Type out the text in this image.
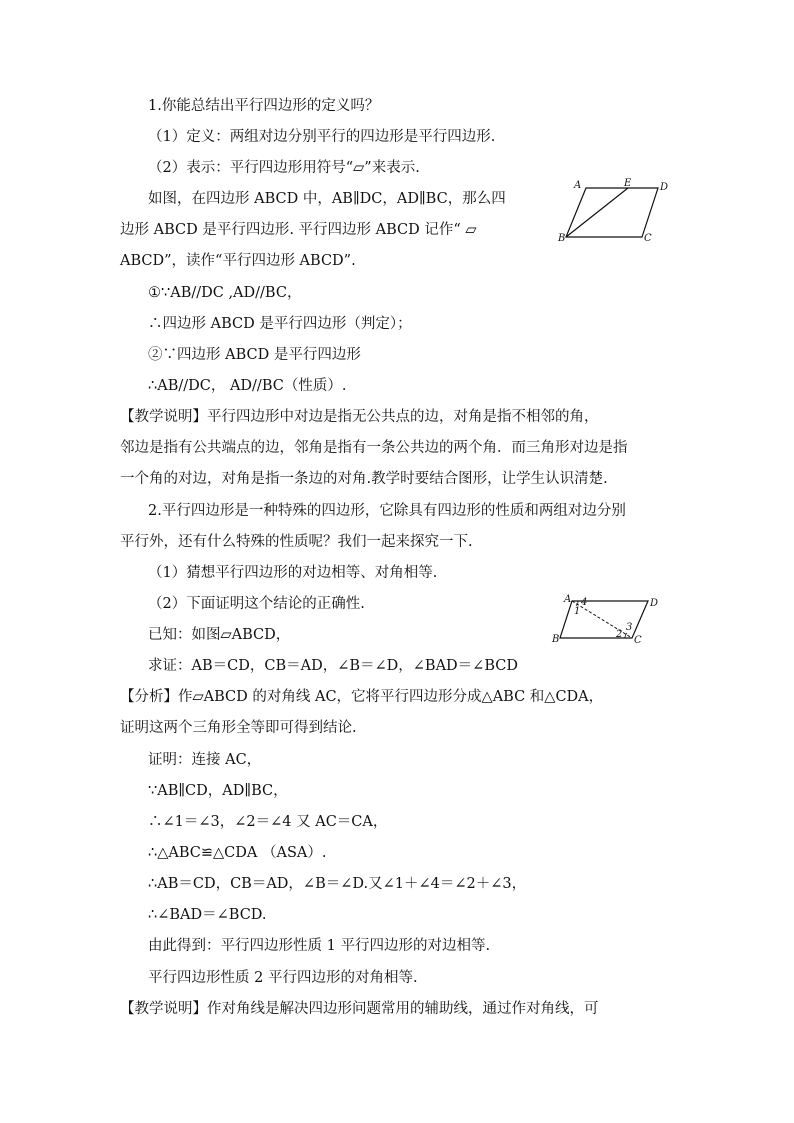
1.你能总结出平行四边形的定义吗？
（1）定义：两组对边分别平行的四边形是平行四边形.
（2）表示：平行四边形用符号“▱”来表示.
如图，在四边形 ABCD 中，AB∥DC，AD∥BC，那么四
边形 ABCD 是平行四边形. 平行四边形 ABCD 记作“ ▱
ABCD”，读作“平行四边形 ABCD”.
①∵AB//DC ,AD//BC，
∴四边形 ABCD 是平行四边形（判定）；
②∵四边形 ABCD 是平行四边形
∴AB//DC， AD//BC（性质）.
【教学说明】平行四边形中对边是指无公共点的边，对角是指不相邻的角，
邻边是指有公共端点的边，邻角是指有一条公共边的两个角．而三角形对边是指
一个角的对边，对角是指一条边的对角.教学时要结合图形，让学生认识清楚.
2.平行四边形是一种特殊的四边形，它除具有四边形的性质和两组对边分别
平行外，还有什么特殊的性质呢？我们一起来探究一下.
（1）猜想平行四边形的对边相等、对角相等.
（2）下面证明这个结论的正确性.
已知：如图▱ABCD，
求证：AB＝CD，CB＝AD，∠B＝∠D，∠BAD＝∠BCD
【分析】作▱ABCD 的对角线 AC，它将平行四边形分成△ABC 和△CDA，
证明这两个三角形全等即可得到结论.
证明：连接 AC，
∵AB∥CD，AD∥BC，
∴∠1＝∠3，∠2＝∠4 又 AC＝CA，
∴△ABC≌△CDA （ASA）.
∴AB＝CD，CB＝AD，∠B＝∠D.又∠1＋∠4＝∠2＋∠3，
∴∠BAD＝∠BCD.
由此得到：平行四边形性质 1 平行四边形的对边相等.
平行四边形性质 2 平行四边形的对角相等.
【教学说明】作对角线是解决四边形问题常用的辅助线，通过作对角线，可
A	E	D
B	C
A 4	D
1
2
3
B	C
